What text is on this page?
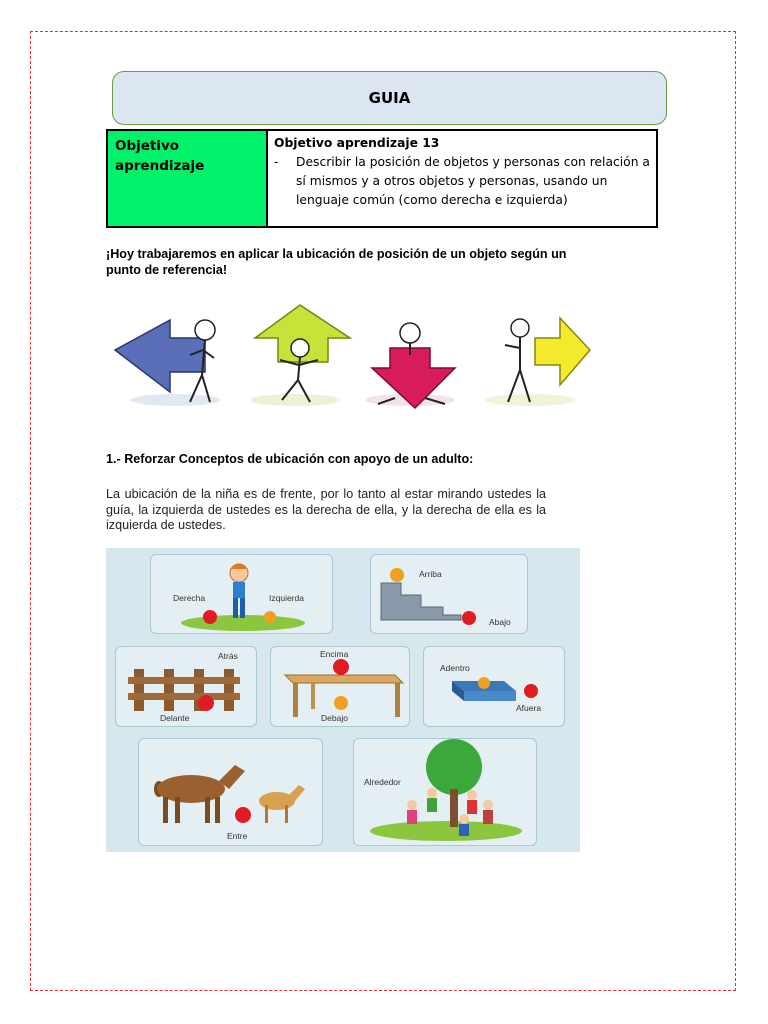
GUIA
Objetivo aprendizaje
Objetivo aprendizaje 13
-	Describir la posición de objetos y personas con relación a sí mismos y a otros objetos y personas, usando un lenguaje común (como derecha e izquierda)
¡Hoy trabajaremos en aplicar la ubicación de posición de un objeto según un punto de referencia!
1.- Reforzar Conceptos de ubicación con apoyo de un adulto:
La ubicación de la niña es de frente, por lo tanto al estar mirando ustedes la guía, la izquierda de ustedes es la derecha de ella, y la derecha de ella es la izquierda de ustedes.
Derecha	Izquierda
Arriba
Abajo
Atrás
Delante
Encima
Debajo
Adentro
Afuera
Entre
Alrededor
